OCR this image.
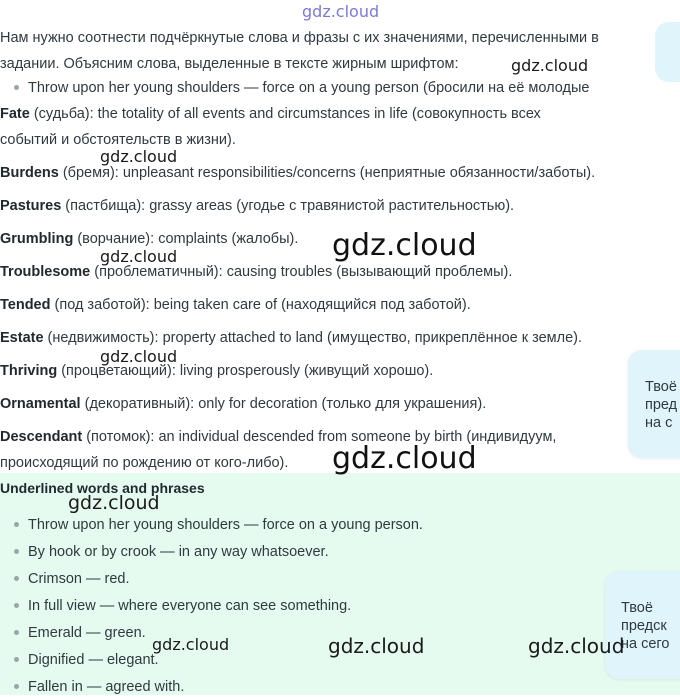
gdz.cloud
Нам нужно соотнести подчёркнутые слова и фразы с их значениями, перечисленными в
задании. Объясним слова, выделенные в тексте жирным шрифтом:
Throw upon her young shoulders — force on a young person (бросили на её молодые
Fate (судьба): the totality of all events and circumstances in life (совокупность всех
событий и обстоятельств в жизни).
Burdens (бремя): unpleasant responsibilities/concerns (неприятные обязанности/заботы).
Pastures (пастбища): grassy areas (угодье с травянистой растительностью).
Grumbling (ворчание): complaints (жалобы).
Troublesome (проблематичный): causing troubles (вызывающий проблемы).
Tended (под заботой): being taken care of (находящийся под заботой).
Estate (недвижимость): property attached to land (имущество, прикреплённое к земле).
Thriving (процветающий): living prosperously (живущий хорошо).
Ornamental (декоративный): only for decoration (только для украшения).
Descendant (потомок): an individual descended from someone by birth (индивидуум,
происходящий по рождению от кого-либо).
Underlined words and phrases
Throw upon her young shoulders — force on a young person.
By hook or by crook — in any way whatsoever.
Crimson — red.
In full view — where everyone can see something.
Emerald — green.
Dignified — elegant.
Fallen in — agreed with.
Твоё
пред
на с
Твоё
предск
на сего
gdz.cloud
gdz.cloud
gdz.cloud
gdz.cloud
gdz.cloud
gdz.cloud
gdz.cloud
gdz.cloud	gdz.cloud	gdz.cloud
